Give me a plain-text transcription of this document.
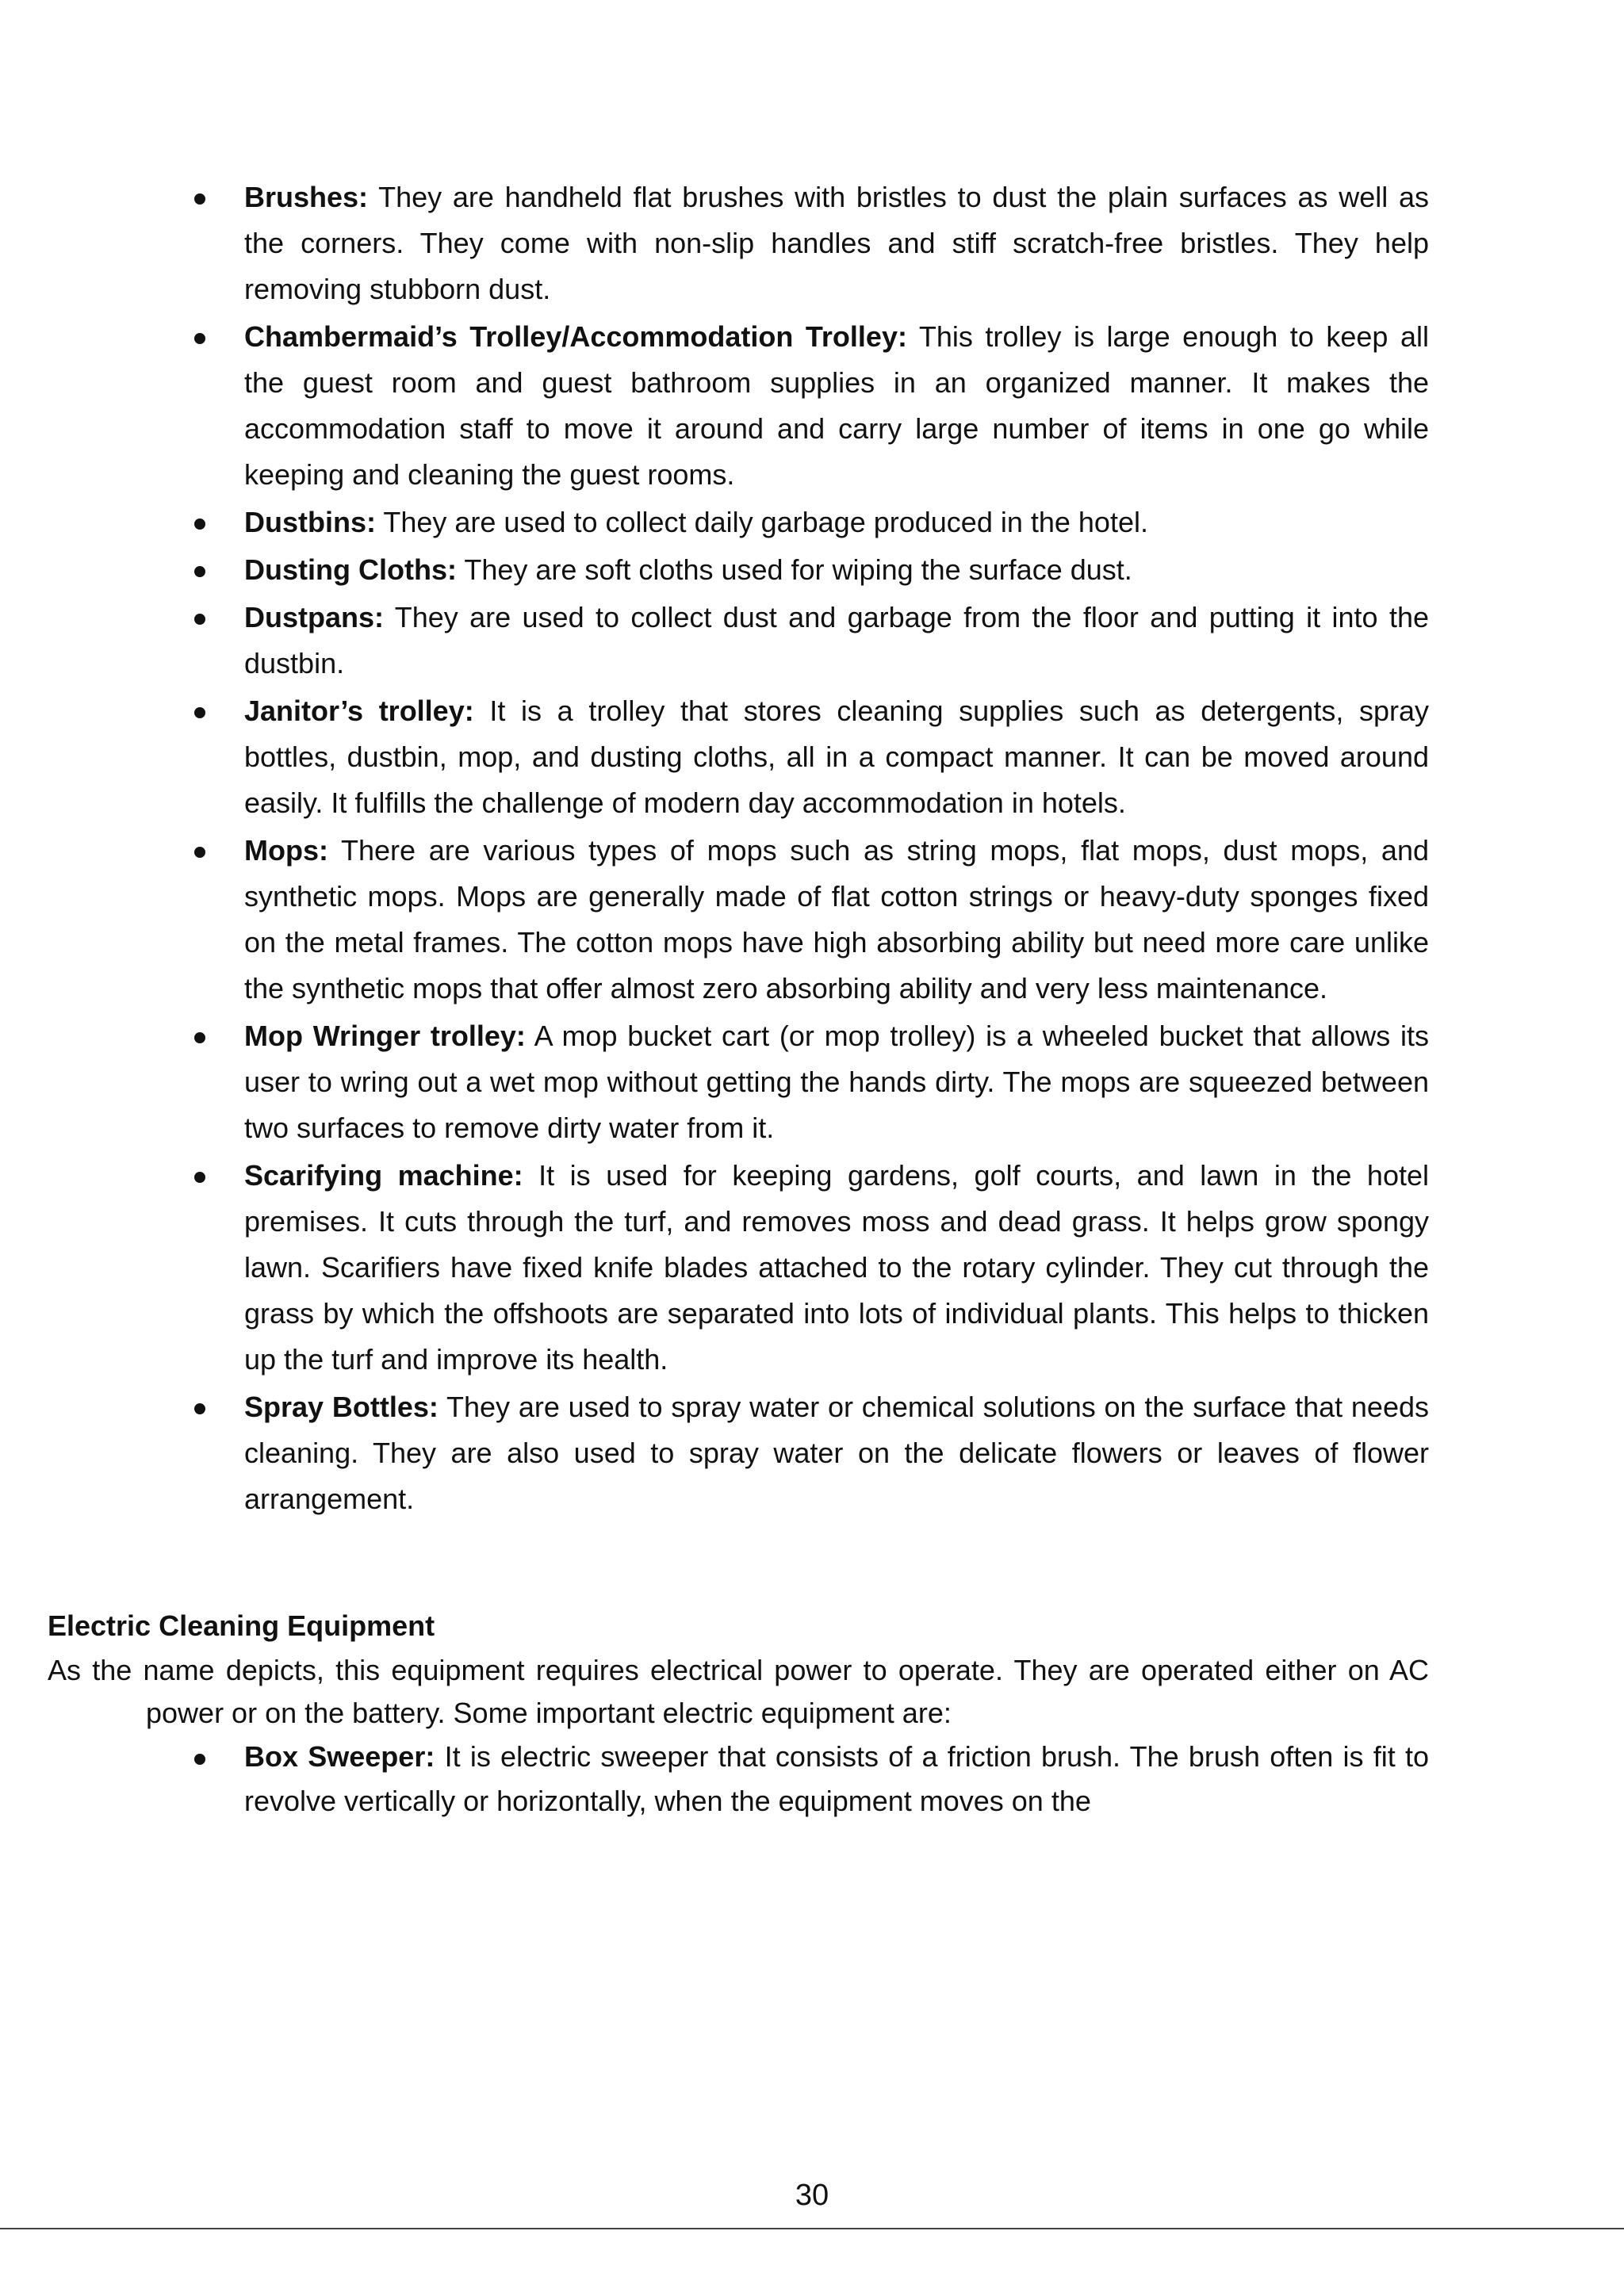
Brushes: They are handheld flat brushes with bristles to dust the plain surfaces as well as the corners. They come with non-slip handles and stiff scratch-free bristles. They help removing stubborn dust.
Chambermaid’s Trolley/Accommodation Trolley: This trolley is large enough to keep all the guest room and guest bathroom supplies in an organized manner. It makes the accommodation staff to move it around and carry large number of items in one go while keeping and cleaning the guest rooms.
Dustbins: They are used to collect daily garbage produced in the hotel.
Dusting Cloths: They are soft cloths used for wiping the surface dust.
Dustpans: They are used to collect dust and garbage from the floor and putting it into the dustbin.
Janitor’s trolley: It is a trolley that stores cleaning supplies such as detergents, spray bottles, dustbin, mop, and dusting cloths, all in a compact manner. It can be moved around easily. It fulfills the challenge of modern day accommodation in hotels.
Mops: There are various types of mops such as string mops, flat mops, dust mops, and synthetic mops. Mops are generally made of flat cotton strings or heavy-duty sponges fixed on the metal frames. The cotton mops have high absorbing ability but need more care unlike the synthetic mops that offer almost zero absorbing ability and very less maintenance.
Mop Wringer trolley: A mop bucket cart (or mop trolley) is a wheeled bucket that allows its user to wring out a wet mop without getting the hands dirty. The mops are squeezed between two surfaces to remove dirty water from it.
Scarifying machine: It is used for keeping gardens, golf courts, and lawn in the hotel premises. It cuts through the turf, and removes moss and dead grass. It helps grow spongy lawn. Scarifiers have fixed knife blades attached to the rotary cylinder. They cut through the grass by which the offshoots are separated into lots of individual plants. This helps to thicken up the turf and improve its health.
Spray Bottles: They are used to spray water or chemical solutions on the surface that needs cleaning. They are also used to spray water on the delicate flowers or leaves of flower arrangement.

Electric Cleaning Equipment

As the name depicts, this equipment requires electrical power to operate. They are operated either on AC power or on the battery. Some important electric equipment are:

Box Sweeper: It is electric sweeper that consists of a friction brush. The brush often is fit to revolve vertically or horizontally, when the equipment moves on the
30
